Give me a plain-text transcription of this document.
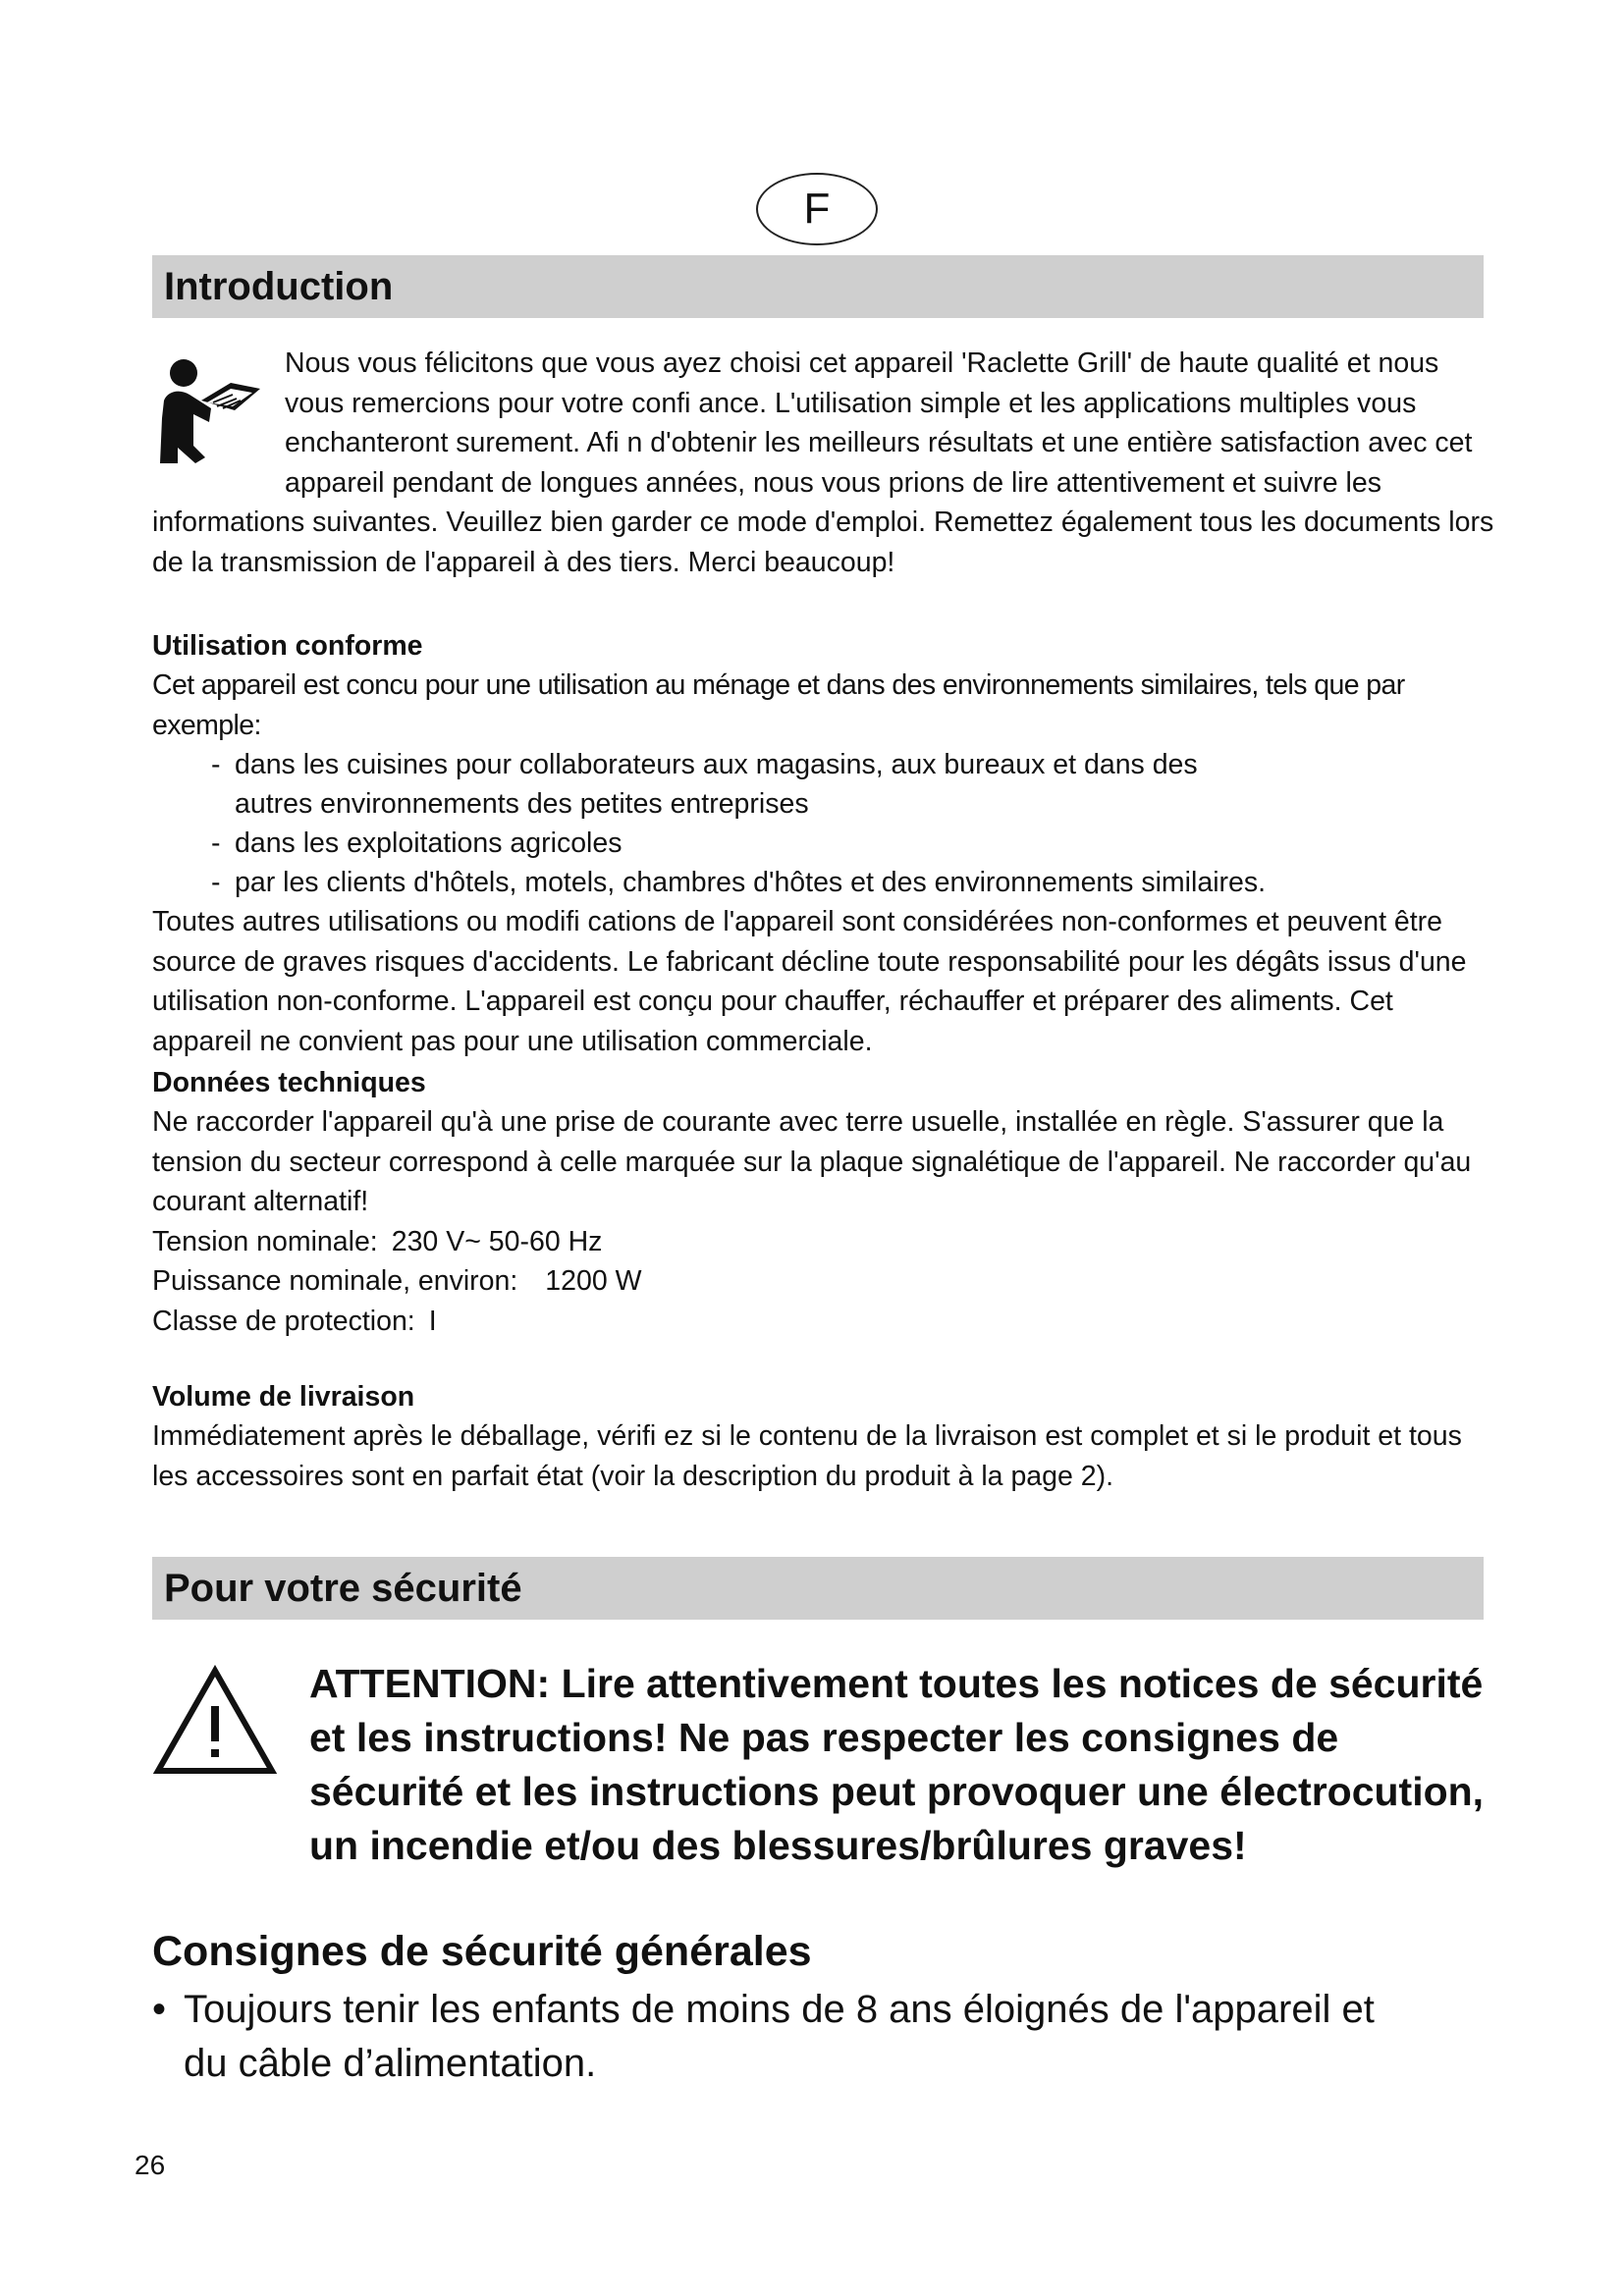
F
Introduction

Nous vous félicitons que vous ayez choisi cet appareil 'Raclette Grill' de haute qualité et nous vous remercions pour votre confi ance. L'utilisation simple et les applications multiples vous enchanteront surement. Afi n d'obtenir les meilleurs résultats et une entière satisfaction avec cet appareil pendant de longues années, nous vous prions de lire attentivement et suivre les informations suivantes. Veuillez bien garder ce mode d'emploi. Remettez également tous les documents lors de la transmission de l'appareil à des tiers. Merci beaucoup!

Utilisation conforme

Cet appareil est concu pour une utilisation au ménage et dans des environnements similaires, tels que par exemple:

- dans les cuisines pour collaborateurs aux magasins, aux bureaux et dans des autres environnements des petites entreprises
- dans les exploitations agricoles
- par les clients d'hôtels, motels, chambres d'hôtes et des environnements similaires.

Toutes autres utilisations ou modifi cations de l'appareil sont considérées non-conformes et peuvent être source de graves risques d'accidents. Le fabricant décline toute responsabilité pour les dégâts issus d'une utilisation non-conforme. L'appareil est conçu pour chauffer, réchauffer et préparer des aliments. Cet appareil ne convient pas pour une utilisation commerciale.

Données techniques

Ne raccorder l'appareil qu'à une prise de courante avec terre usuelle, installée en règle. S'assurer que la tension du secteur correspond à celle marquée sur la plaque signalétique de l'appareil. Ne raccorder qu'au courant alternatif!

Tension nominale: 230 V~ 50-60 Hz

Puissance nominale, environ: 1200 W

Classe de protection: I

Volume de livraison

Immédiatement après le déballage, vérifi ez si le contenu de la livraison est complet et si le produit et tous les accessoires sont en parfait état (voir la description du produit à la page 2).

Pour votre sécurité

ATTENTION: Lire attentivement toutes les notices de sécurité et les instructions! Ne pas respecter les consignes de sécurité et les instructions peut provoquer une électrocution, un incendie et/ou des blessures/brûlures graves!

Consignes de sécurité générales

• Toujours tenir les enfants de moins de 8 ans éloignés de l'appareil et du câble d’alimentation.
26
